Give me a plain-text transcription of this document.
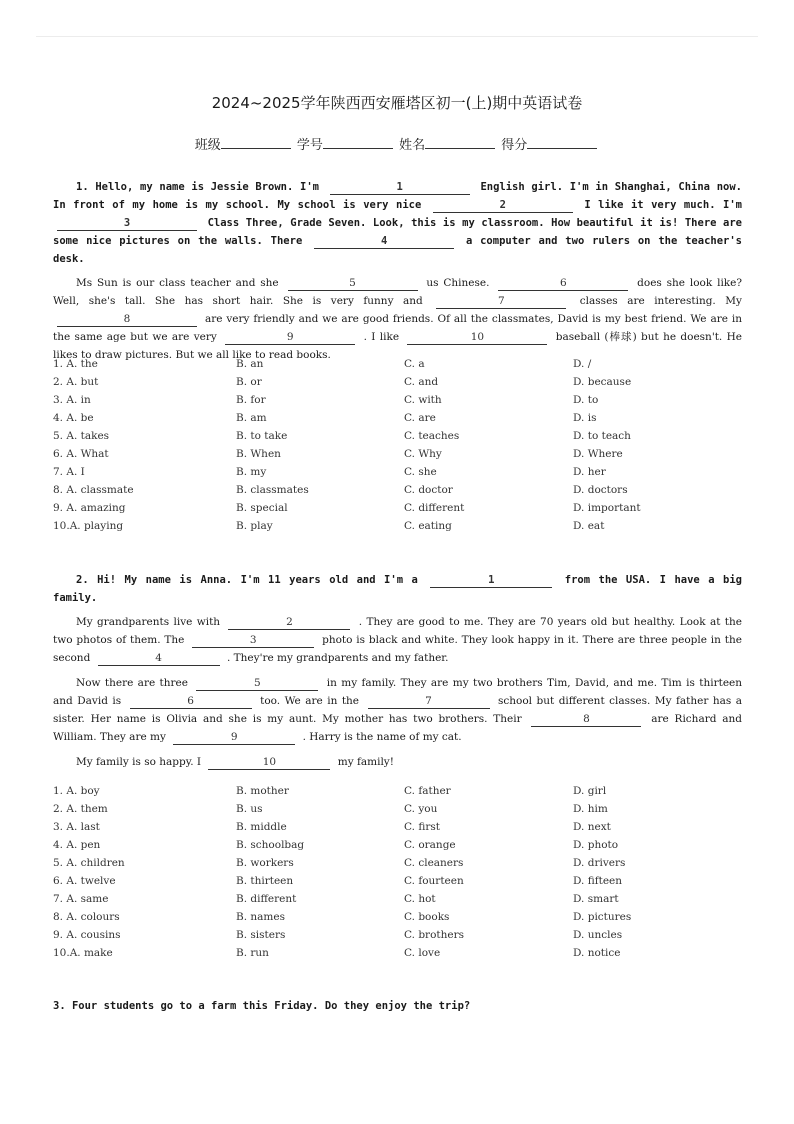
2024~2025学年陕西西安雁塔区初一(上)期中英语试卷
班级	学号	姓名	得分

1. Hello, my name is Jessie Brown. I'm	1	English girl. I'm in Shanghai, China now. In front of my home is my school. My school is very nice	2	I like it very much. I'm 3	Class Three, Grade Seven. Look, this is my classroom. How beautiful it is! There are some nice pictures on the walls. There	4	a computer and two rulers on the teacher's desk.

Ms Sun is our class teacher and she	5	us Chinese.	6	does she look like? Well, she's tall. She has short hair. She is very funny and	7	classes are interesting. My 8	are very friendly and we are good friends. Of all the classmates, David is my best friend. We are in the same age but we are very	9	. I like	10	baseball (棒球) but he doesn't. He likes to draw pictures. But we all like to read books.

1. A. the	B. an	C. a	D. /
2. A. but	B. or	C. and	D. because
3. A. in	B. for	C. with	D. to
4. A. be	B. am	C. are	D. is
5. A. takes	B. to take	C. teaches	D. to teach
6. A. What	B. When	C. Why	D. Where
7. A. I	B. my	C. she	D. her
8. A. classmate	B. classmates	C. doctor	D. doctors
9. A. amazing	B. special	C. different	D. important
10.A. playing	B. play	C. eating	D. eat

2. Hi! My name is Anna. I'm 11 years old and I'm a	1	from the USA. I have a big family.

My grandparents live with	2	. They are good to me. They are 70 years old but healthy. Look at the two photos of them. The	3	photo is black and white. They look happy in it. There are three people in the second	4	. They're my grandparents and my father.

Now there are three	5	in my family. They are my two brothers Tim, David, and me. Tim is thirteen and David is	6	too. We are in the	7	school but different classes. My father has a sister. Her name is Olivia and she is my aunt. My mother has two brothers. Their	8	are Richard and William. They are my	9	. Harry is the name of my cat.

My family is so happy. I	10	my family!

1. A. boy	B. mother	C. father	D. girl
2. A. them	B. us	C. you	D. him
3. A. last	B. middle	C. first	D. next
4. A. pen	B. schoolbag	C. orange	D. photo
5. A. children	B. workers	C. cleaners	D. drivers
6. A. twelve	B. thirteen	C. fourteen	D. fifteen
7. A. same	B. different	C. hot	D. smart
8. A. colours	B. names	C. books	D. pictures
9. A. cousins	B. sisters	C. brothers	D. uncles
10.A. make	B. run	C. love	D. notice
3. Four students go to a farm this Friday. Do they enjoy the trip?
